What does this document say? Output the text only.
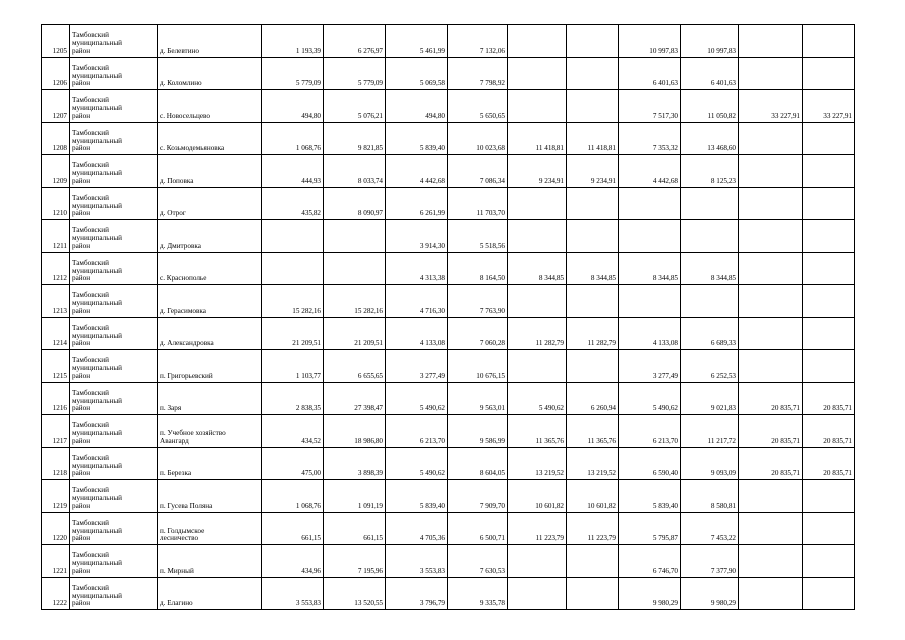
1205	Тамбовский
муниципальный
район	д. Белевтино	1 193,39	6 276,97	5 461,99	7 132,06			10 997,83	10 997,83		
1206	Тамбовский
муниципальный
район	д. Коломлино	5 779,09	5 779,09	5 069,58	7 798,92			6 401,63	6 401,63		
1207	Тамбовский
муниципальный
район	с. Новосельцево	494,80	5 076,21	494,80	5 650,65			7 517,30	11 050,82	33 227,91	33 227,91
1208	Тамбовский
муниципальный
район	с. Козьмодемьяновка	1 068,76	9 821,85	5 839,40	10 023,68	11 418,81	11 418,81	7 353,32	13 468,60		
1209	Тамбовский
муниципальный
район	д. Поповка	444,93	8 033,74	4 442,68	7 086,34	9 234,91	9 234,91	4 442,68	8 125,23		
1210	Тамбовский
муниципальный
район	д. Отрог	435,82	8 090,97	6 261,99	11 703,70						
1211	Тамбовский
муниципальный
район	д. Дмитровка			3 914,30	5 518,56						
1212	Тамбовский
муниципальный
район	с. Краснополье			4 313,38	8 164,50	8 344,85	8 344,85	8 344,85	8 344,85		
1213	Тамбовский
муниципальный
район	д. Герасимовка	15 282,16	15 282,16	4 716,30	7 763,90						
1214	Тамбовский
муниципальный
район	д. Александровка	21 209,51	21 209,51	4 133,08	7 060,28	11 282,79	11 282,79	4 133,08	6 689,33		
1215	Тамбовский
муниципальный
район	п. Григорьевский	1 103,77	6 655,65	3 277,49	10 676,15			3 277,49	6 252,53		
1216	Тамбовский
муниципальный
район	п. Заря	2 838,35	27 398,47	5 490,62	9 563,01	5 490,62	6 260,94	5 490,62	9 021,83	20 835,71	20 835,71
1217	Тамбовский
муниципальный
район	п. Учебное хозяйство
Авангард	434,52	18 986,80	6 213,70	9 586,99	11 365,76	11 365,76	6 213,70	11 217,72	20 835,71	20 835,71
1218	Тамбовский
муниципальный
район	п. Березка	475,00	3 898,39	5 490,62	8 604,05	13 219,52	13 219,52	6 590,40	9 093,09	20 835,71	20 835,71
1219	Тамбовский
муниципальный
район	п. Гусева Поляна	1 068,76	1 091,19	5 839,40	7 909,70	10 601,82	10 601,82	5 839,40	8 580,81		
1220	Тамбовский
муниципальный
район	п. Голдымское
лесничество	661,15	661,15	4 705,36	6 500,71	11 223,79	11 223,79	5 795,87	7 453,22		
1221	Тамбовский
муниципальный
район	п. Мирный	434,96	7 195,96	3 553,83	7 630,53			6 746,70	7 377,90		
1222	Тамбовский
муниципальный
район	д. Елагино	3 553,83	13 520,55	3 796,79	9 335,78			9 980,29	9 980,29		
